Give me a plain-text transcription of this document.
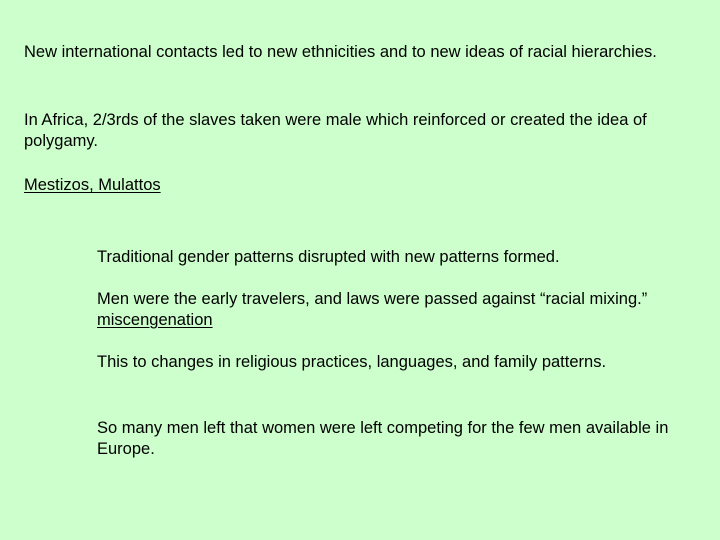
New international contacts led to new ethnicities and to new ideas of racial hierarchies.

In Africa, 2/3rds of the slaves taken were male which reinforced or created the idea of polygamy.

Mestizos, Mulattos

Traditional gender patterns disrupted with new patterns formed.

Men were the early travelers, and laws were passed against “racial mixing.”  miscengenation

This to changes in religious practices, languages, and family patterns.

So many men left that women were left competing for the few men available in Europe.
